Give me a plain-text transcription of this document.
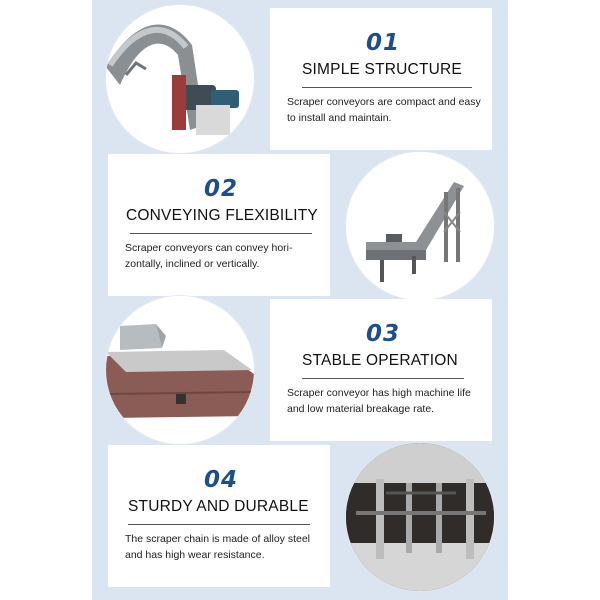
01
SIMPLE STRUCTURE
Scraper conveyors are compact and easy to install and maintain.
02
CONVEYING FLEXIBILITY
Scraper conveyors can convey hori-zontally, inclined or vertically.
03
STABLE OPERATION
Scraper conveyor has high machine life and low material breakage rate.
04
STURDY AND DURABLE
The scraper chain is made of alloy steel and has high wear resistance.
